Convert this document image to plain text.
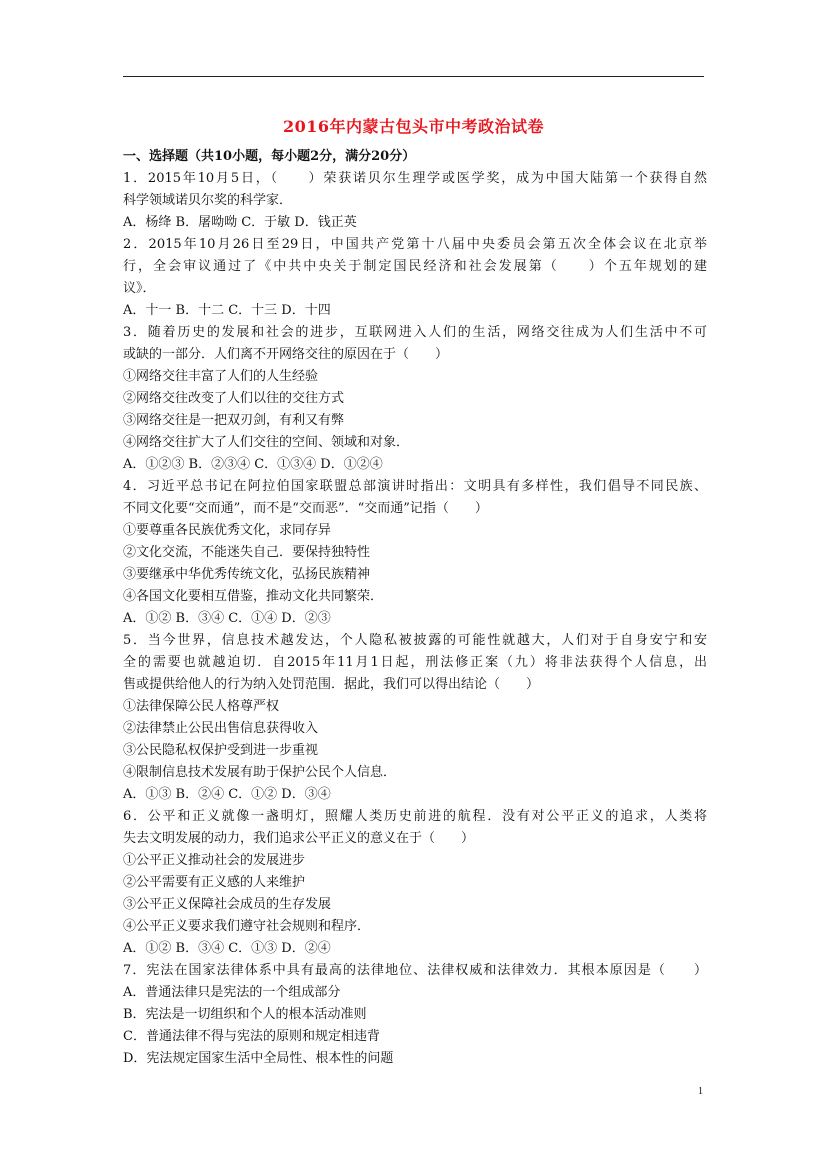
2016年内蒙古包头市中考政治试卷
一、选择题（共10小题，每小题2分，满分20分）
1．2015年10月5日，（　　）荣获诺贝尔生理学或医学奖，成为中国大陆第一个获得自然
科学领域诺贝尔奖的科学家．
A．杨绛 B．屠呦呦 C．于敏 D．钱正英
2．2015年10月26日至29日，中国共产党第十八届中央委员会第五次全体会议在北京举
行，全会审议通过了《中共中央关于制定国民经济和社会发展第（　　）个五年规划的建
议》．
A．十一 B．十二 C．十三 D．十四
3．随着历史的发展和社会的进步，互联网进入人们的生活，网络交往成为人们生活中不可
或缺的一部分．人们离不开网络交往的原因在于（　　）
①网络交往丰富了人们的人生经验
②网络交往改变了人们以往的交往方式
③网络交往是一把双刃剑，有利又有弊
④网络交往扩大了人们交往的空间、领域和对象．
A．①②③ B．②③④ C．①③④ D．①②④
4．习近平总书记在阿拉伯国家联盟总部演讲时指出：文明具有多样性，我们倡导不同民族、
不同文化要“交而通”，而不是“交而恶”．“交而通”记指（　　）
①要尊重各民族优秀文化，求同存异
②文化交流，不能迷失自己．要保持独特性
③要继承中华优秀传统文化，弘扬民族精神
④各国文化要相互借鉴，推动文化共同繁荣．
A．①② B．③④ C．①④ D．②③
5．当今世界，信息技术越发达，个人隐私被披露的可能性就越大，人们对于自身安宁和安
全的需要也就越迫切．自2015年11月1日起，刑法修正案（九）将非法获得个人信息，出
售或提供给他人的行为纳入处罚范围．据此，我们可以得出结论（　　）
①法律保障公民人格尊严权
②法律禁止公民出售信息获得收入
③公民隐私权保护受到进一步重视
④限制信息技术发展有助于保护公民个人信息．
A．①③ B．②④ C．①② D．③④
6．公平和正义就像一盏明灯，照耀人类历史前进的航程．没有对公平正义的追求，人类将
失去文明发展的动力，我们追求公平正义的意义在于（　　）
①公平正义推动社会的发展进步
②公平需要有正义感的人来维护
③公平正义保障社会成员的生存发展
④公平正义要求我们遵守社会规则和程序．
A．①② B．③④ C．①③ D．②④
7．宪法在国家法律体系中具有最高的法律地位、法律权威和法律效力．其根本原因是（　　）
A．普通法律只是宪法的一个组成部分
B．宪法是一切组织和个人的根本活动准则
C．普通法律不得与宪法的原则和规定相违背
D．宪法规定国家生活中全局性、根本性的问题
1
